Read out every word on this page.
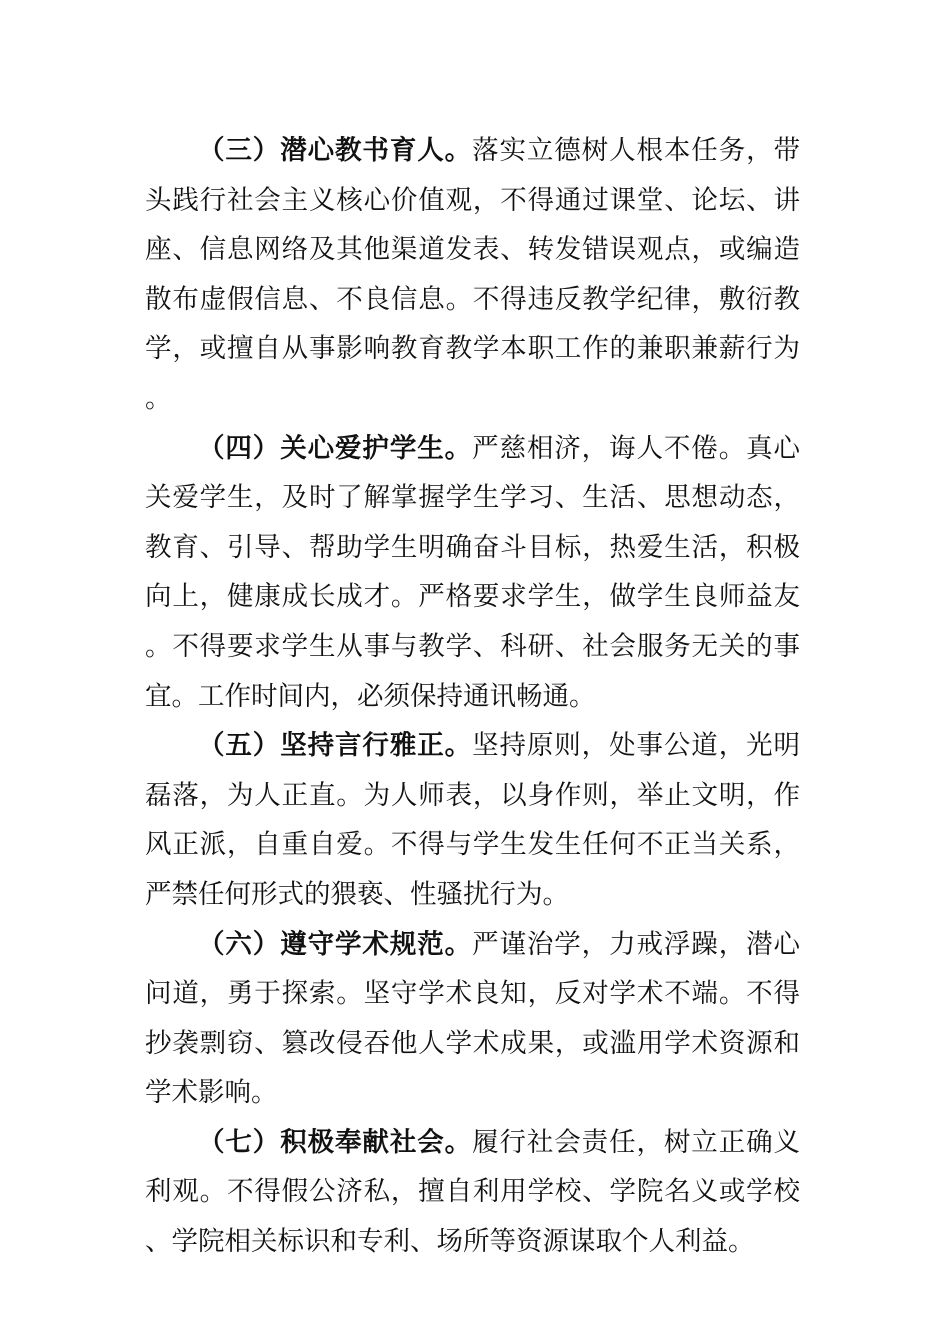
（三）潜心教书育人。落实立德树人根本任务，带头践行社会主义核心价值观，不得通过课堂、论坛、讲座、信息网络及其他渠道发表、转发错误观点，或编造散布虚假信息、不良信息。不得违反教学纪律，敷衍教学，或擅自从事影响教育教学本职工作的兼职兼薪行为。

（四）关心爱护学生。严慈相济，诲人不倦。真心关爱学生，及时了解掌握学生学习、生活、思想动态，教育、引导、帮助学生明确奋斗目标，热爱生活，积极向上，健康成长成才。严格要求学生，做学生良师益友。不得要求学生从事与教学、科研、社会服务无关的事宜。工作时间内，必须保持通讯畅通。

（五）坚持言行雅正。坚持原则，处事公道，光明磊落，为人正直。为人师表，以身作则，举止文明，作风正派，自重自爱。不得与学生发生任何不正当关系，严禁任何形式的猥亵、性骚扰行为。

（六）遵守学术规范。严谨治学，力戒浮躁，潜心问道，勇于探索。坚守学术良知，反对学术不端。不得抄袭剽窃、篡改侵吞他人学术成果，或滥用学术资源和学术影响。

（七）积极奉献社会。履行社会责任，树立正确义利观。不得假公济私，擅自利用学校、学院名义或学校、学院相关标识和专利、场所等资源谋取个人利益。
